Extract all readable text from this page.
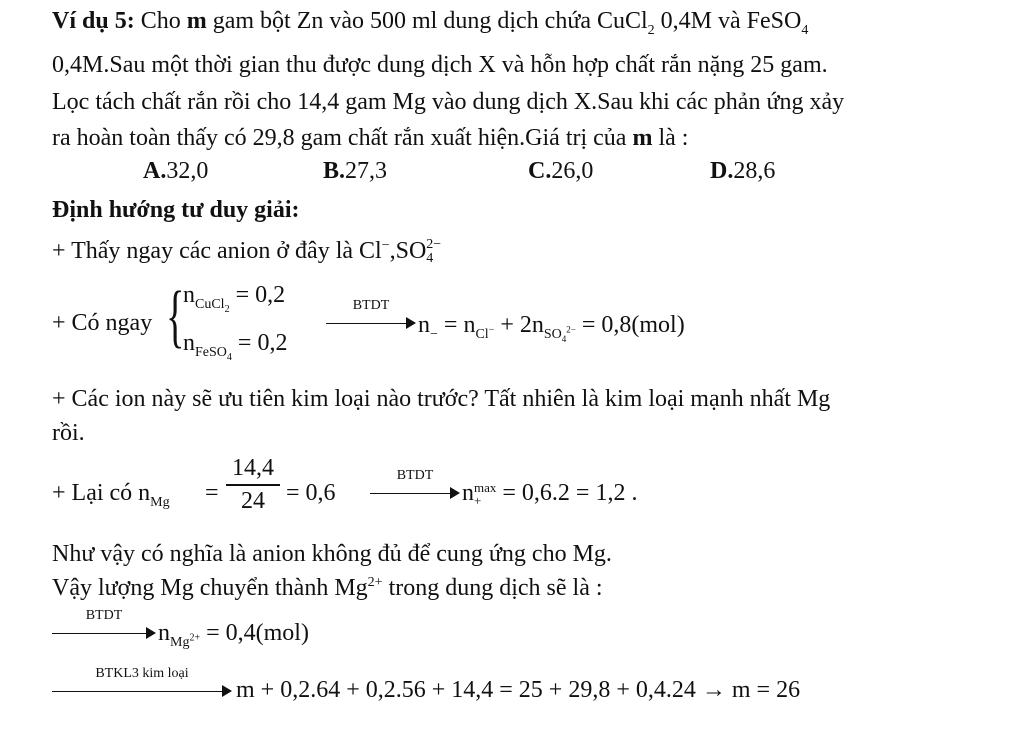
Ví dụ 5: Cho m gam bột Zn vào 500 ml dung dịch chứa CuCl$_2$ 0,4M và FeSO$_4$
0,4M.Sau một thời gian thu được dung dịch X và hỗn hợp chất rắn nặng 25 gam.
Lọc tách chất rắn rồi cho 14,4 gam Mg vào dung dịch X.Sau khi các phản ứng xảy
ra hoàn toàn thấy có 29,8 gam chất rắn xuất hiện.Giá trị của m là :
A.32,0	B.27,3	C.26,0	D.28,6
Định hướng tư duy giải:
+ Thấy ngay các anion ở đây là Cl−,SO 2−
4
+ Có ngay {
$n_{CuCl_2} = 0,2$
$n_{FeSO_4} = 0,2$
BTDT
$n_- = n_{Cl^-} + 2n_{SO_4^{2-}} = 0,8(mol)$
+ Các ion này sẽ ưu tiên kim loại nào trước? Tất nhiên là kim loại mạnh nhất Mg
rồi.
+ Lại có $n_{Mg}$ =
14,4
24 = 0,6
BTDT
n max
+ = 0,6.2 = 1,2 .
Như vậy có nghĩa là anion không đủ để cung ứng cho Mg.
Vậy lượng Mg chuyển thành $Mg^{2+}$ trong dung dịch sẽ là :
BTDT
$n_{Mg^{2+}} = 0,4(mol)$
BTKL3 kim loại
m + 0,2.64 + 0,2.56 + 14,4 = 25 + 29,8 + 0,4.24 → m = 26
